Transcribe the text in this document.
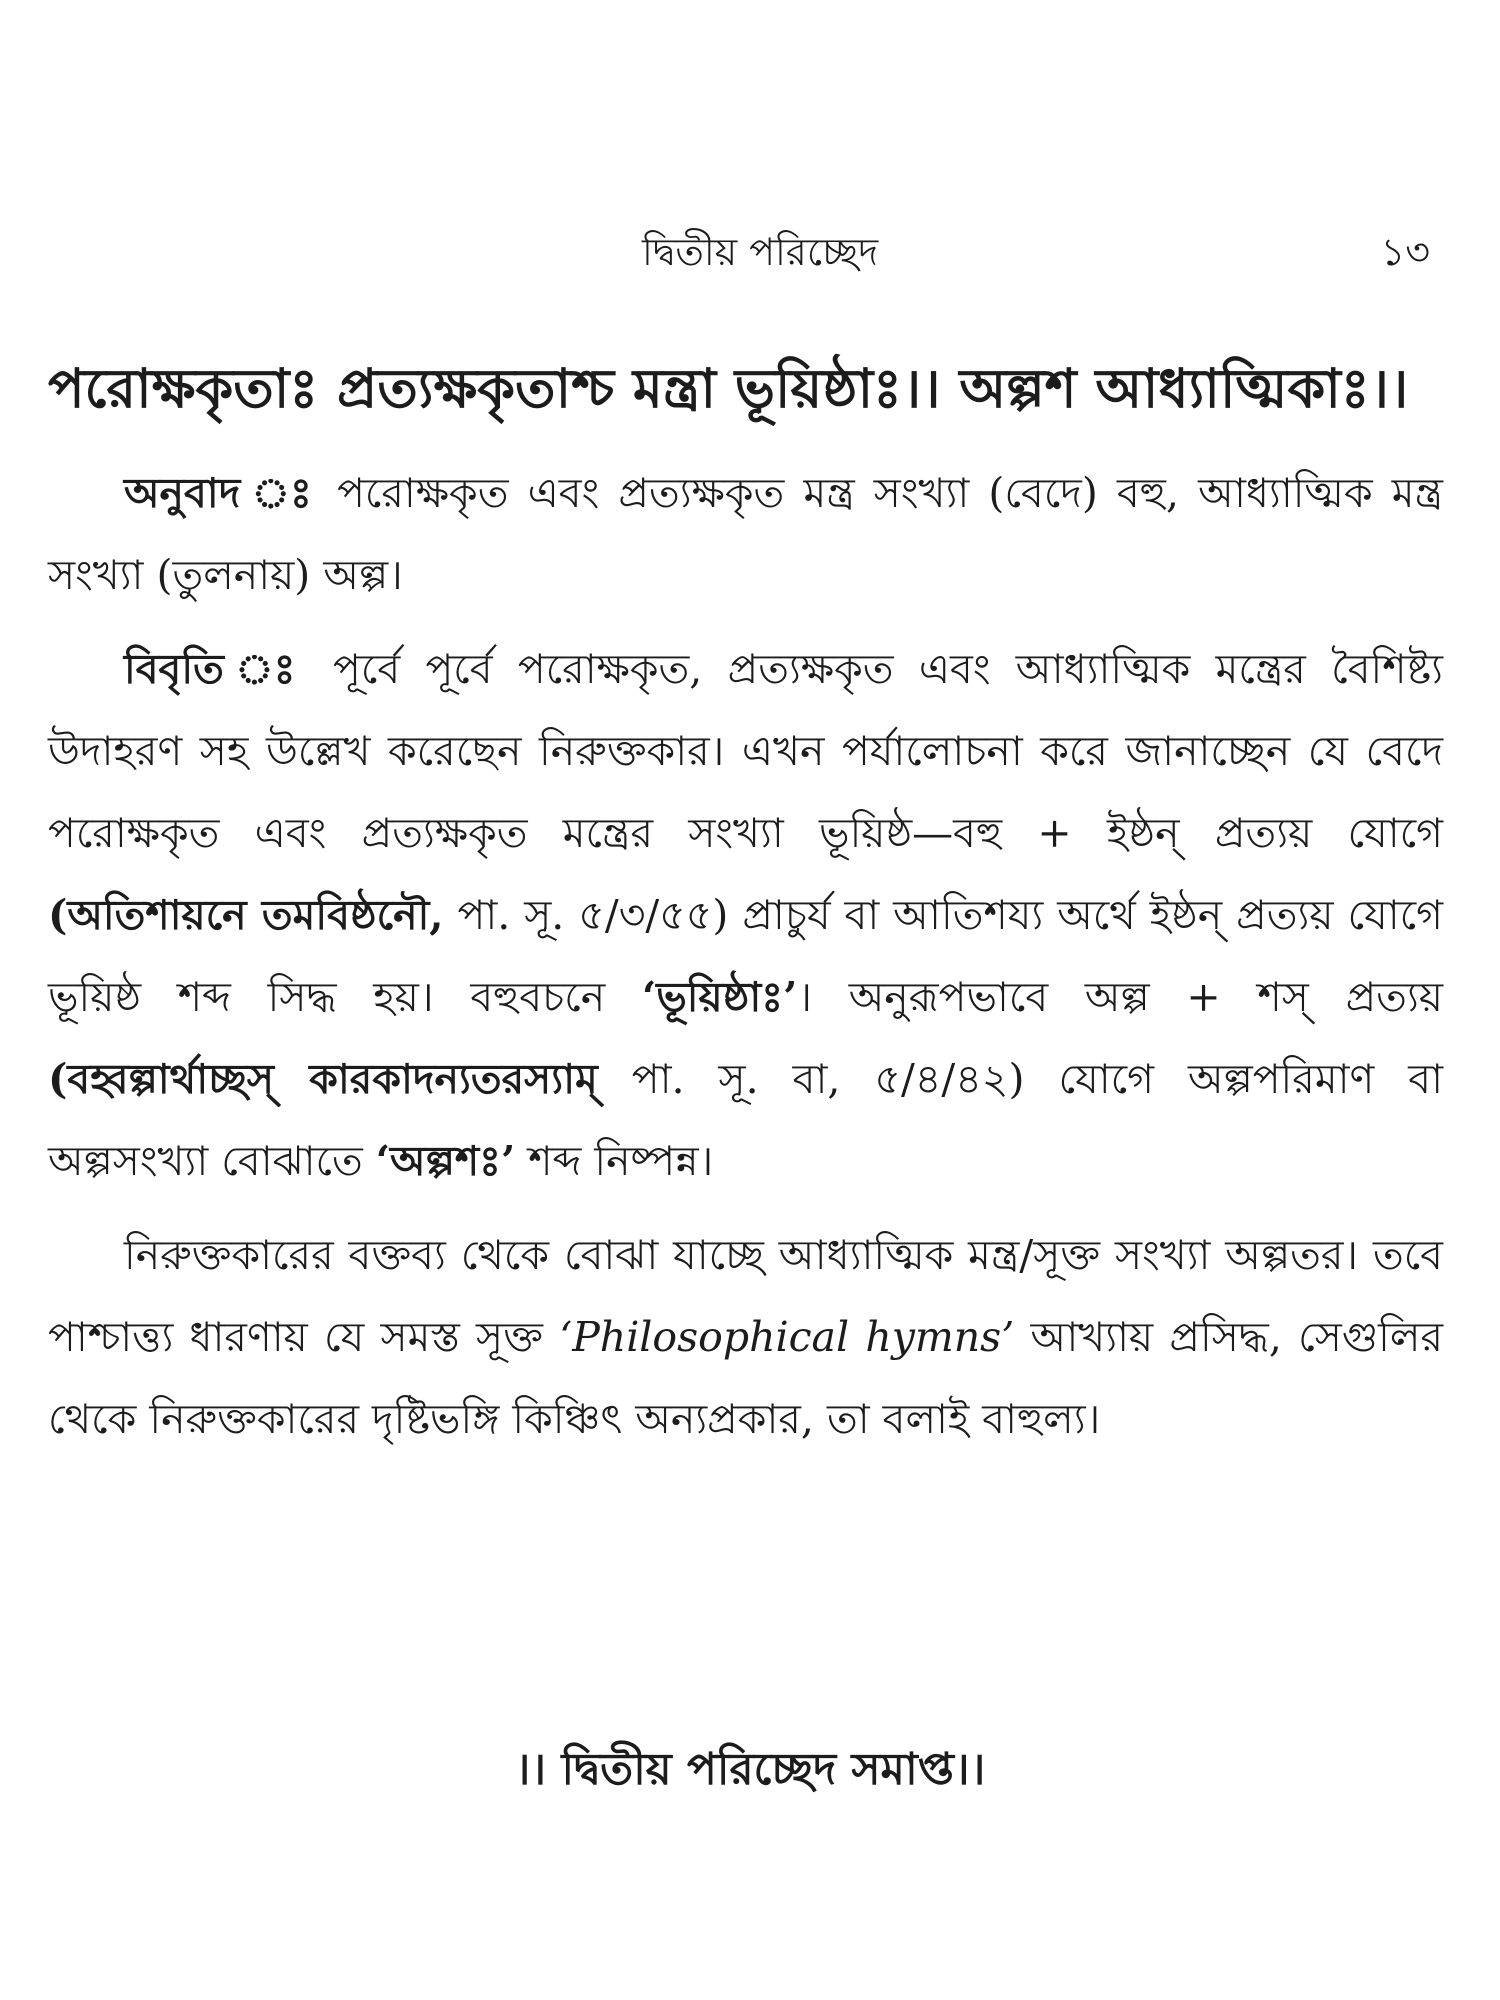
দ্বিতীয় পরিচ্ছেদ	১৩

পরোক্ষকৃতাঃ প্রত্যক্ষকৃতাশ্চ মন্ত্রা ভূয়িষ্ঠাঃ।। অল্পশ আধ্যাত্মিকাঃ।।

অনুবাদ ঃ পরোক্ষকৃত এবং প্রত্যক্ষকৃত মন্ত্র সংখ্যা (বেদে) বহু, আধ্যাত্মিক মন্ত্র সংখ্যা (তুলনায়) অল্প।

বিবৃতি ঃ পূর্বে পূর্বে পরোক্ষকৃত, প্রত্যক্ষকৃত এবং আধ্যাত্মিক মন্ত্রের বৈশিষ্ট্য উদাহরণ সহ উল্লেখ করেছেন নিরুক্তকার। এখন পর্যালোচনা করে জানাচ্ছেন যে বেদে পরোক্ষকৃত এবং প্রত্যক্ষকৃত মন্ত্রের সংখ্যা ভূয়িষ্ঠ—বহু + ইষ্ঠন্ প্রত্যয় যোগে (অতিশায়নে তমবিষ্ঠনৌ, পা. সূ. ৫/৩/৫৫) প্রাচুর্য বা আতিশয্য অর্থে ইষ্ঠন্ প্রত্যয় যোগে ভূয়িষ্ঠ শব্দ সিদ্ধ হয়। বহুবচনে ‘ভূয়িষ্ঠাঃ’। অনুরূপভাবে অল্প + শস্ প্রত্যয় (বহ্বল্পার্থাচ্ছস্ কারকাদন্যতরস্যাম্ পা. সূ. বা, ৫/৪/৪২) যোগে অল্পপরিমাণ বা অল্পসংখ্যা বোঝাতে ‘অল্পশঃ’ শব্দ নিষ্পন্ন।

নিরুক্তকারের বক্তব্য থেকে বোঝা যাচ্ছে আধ্যাত্মিক মন্ত্র/সূক্ত সংখ্যা অল্পতর। তবে পাশ্চাত্ত্য ধারণায় যে সমস্ত সূক্ত ‘Philosophical hymns’ আখ্যায় প্রসিদ্ধ, সেগুলির থেকে নিরুক্তকারের দৃষ্টিভঙ্গি কিঞ্চিৎ অন্যপ্রকার, তা বলাই বাহুল্য।

।। দ্বিতীয় পরিচ্ছেদ সমাপ্ত।।
